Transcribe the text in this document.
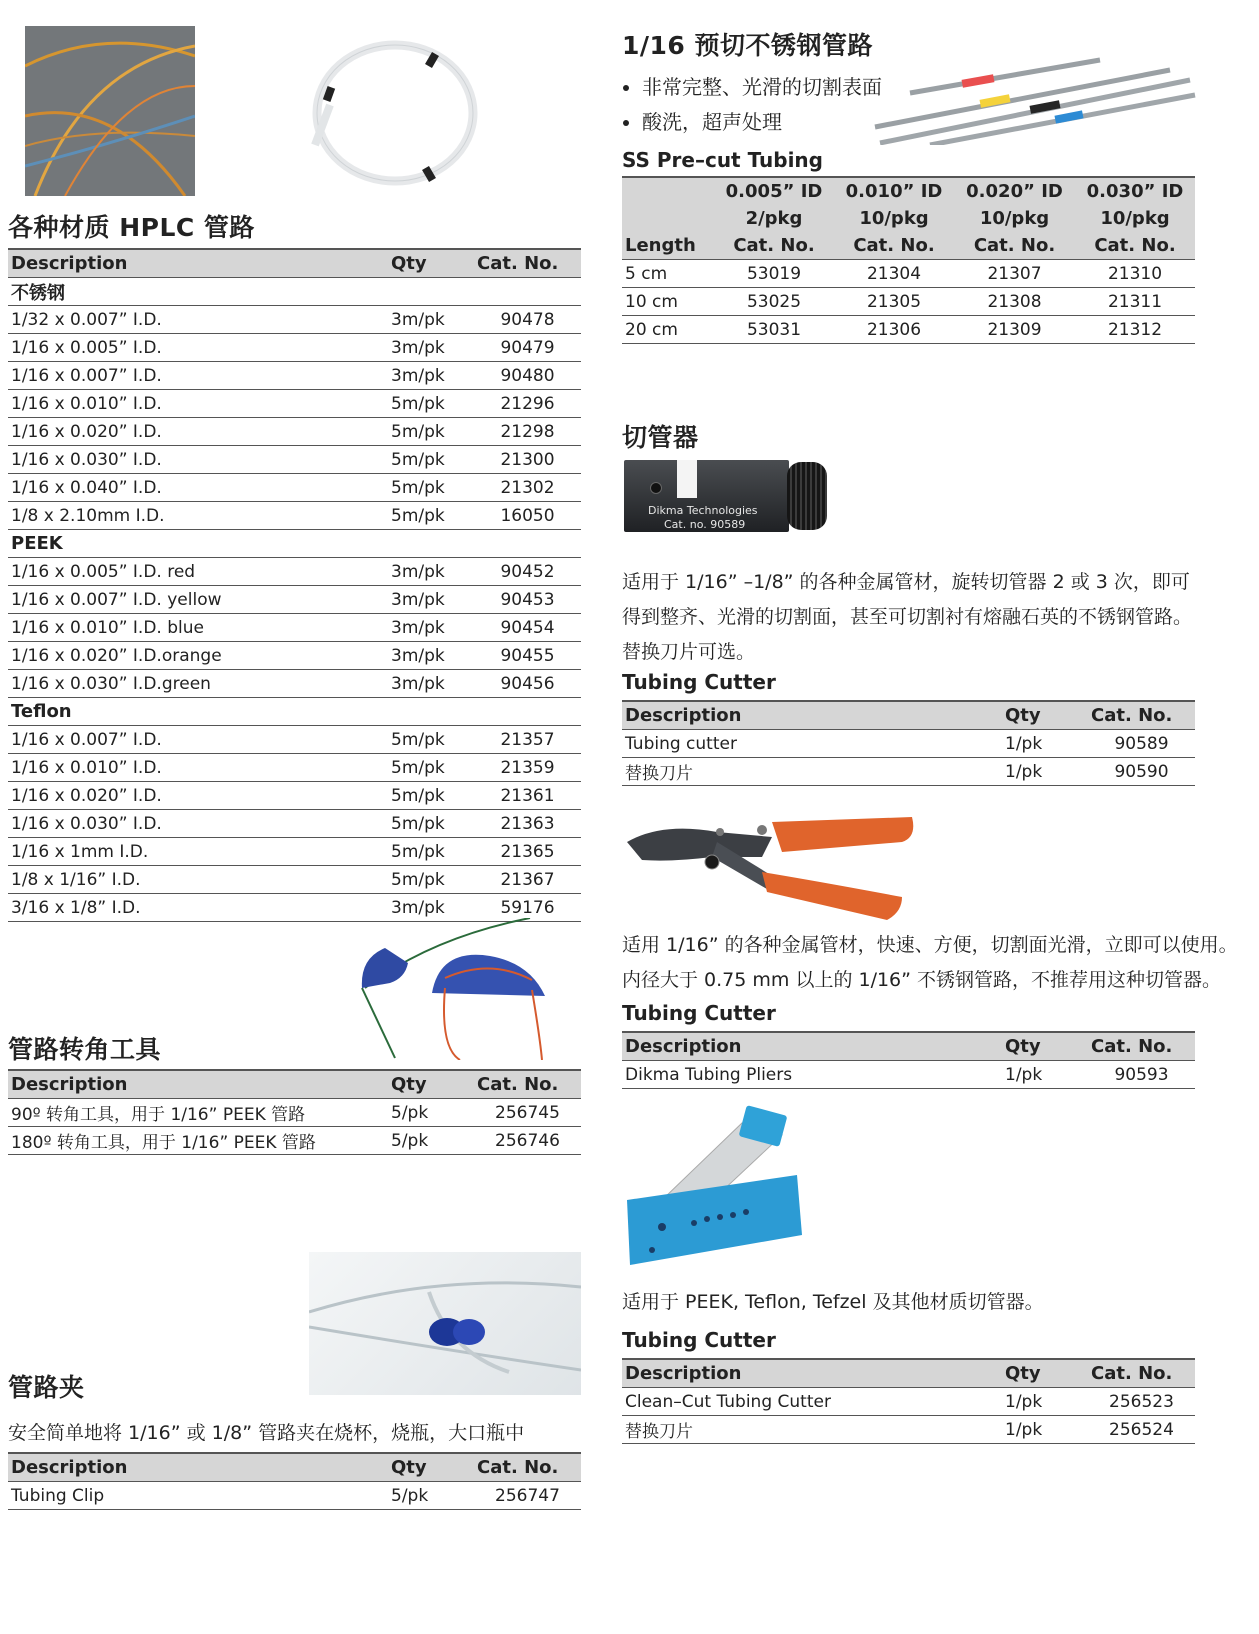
各种材质 HPLC 管路
Description	Qty	Cat. No.
不锈钢		
1/32 x 0.007” I.D.	3m/pk	90478
1/16 x 0.005” I.D.	3m/pk	90479
1/16 x 0.007” I.D.	3m/pk	90480
1/16 x 0.010” I.D.	5m/pk	21296
1/16 x 0.020” I.D.	5m/pk	21298
1/16 x 0.030” I.D.	5m/pk	21300
1/16 x 0.040” I.D.	5m/pk	21302
1/8 x 2.10mm I.D.	5m/pk	16050
PEEK		
1/16 x 0.005” I.D. red	3m/pk	90452
1/16 x 0.007” I.D. yellow	3m/pk	90453
1/16 x 0.010” I.D. blue	3m/pk	90454
1/16 x 0.020” I.D.orange	3m/pk	90455
1/16 x 0.030” I.D.green	3m/pk	90456
Teflon		
1/16 x 0.007” I.D.	5m/pk	21357
1/16 x 0.010” I.D.	5m/pk	21359
1/16 x 0.020” I.D.	5m/pk	21361
1/16 x 0.030” I.D.	5m/pk	21363
1/16 x 1mm I.D.	5m/pk	21365
1/8 x 1/16” I.D.	5m/pk	21367
3/16 x 1/8” I.D.	3m/pk	59176
管路转角工具
Description	Qty	Cat. No.
90º 转角工具，用于 1/16” PEEK 管路	5/pk	256745
180º 转角工具，用于 1/16” PEEK 管路	5/pk	256746
管路夹
安全简单地将 1/16” 或 1/8” 管路夹在烧杯，烧瓶，大口瓶中
Description	Qty	Cat. No.
Tubing Clip	5/pk	256747
1/16 预切不锈钢管路
• 非常完整、光滑的切割表面
• 酸洗，超声处理
SS Pre–cut Tubing
	0.005” ID	0.010” ID	0.020” ID	0.030” ID
	2/pkg	10/pkg	10/pkg	10/pkg
Length	Cat. No.	Cat. No.	Cat. No.	Cat. No.
5 cm	53019	21304	21307	21310
10 cm	53025	21305	21308	21311
20 cm	53031	21306	21309	21312
切管器
Dikma Technologies
Cat. no. 90589
适用于 1/16” –1/8” 的各种金属管材，旋转切管器 2 或 3 次，即可
得到整齐、光滑的切割面，甚至可切割衬有熔融石英的不锈钢管路。
替换刀片可选。
Tubing Cutter
Description	Qty	Cat. No.
Tubing cutter	1/pk	90589
替换刀片	1/pk	90590
适用 1/16” 的各种金属管材，快速、方便，切割面光滑，立即可以使用。
内径大于 0.75 mm 以上的 1/16” 不锈钢管路，不推荐用这种切管器。
Tubing Cutter
Description	Qty	Cat. No.
Dikma Tubing Pliers	1/pk	90593
适用于 PEEK, Teflon, Tefzel 及其他材质切管器。
Tubing Cutter
Description	Qty	Cat. No.
Clean–Cut Tubing Cutter	1/pk	256523
替换刀片	1/pk	256524
